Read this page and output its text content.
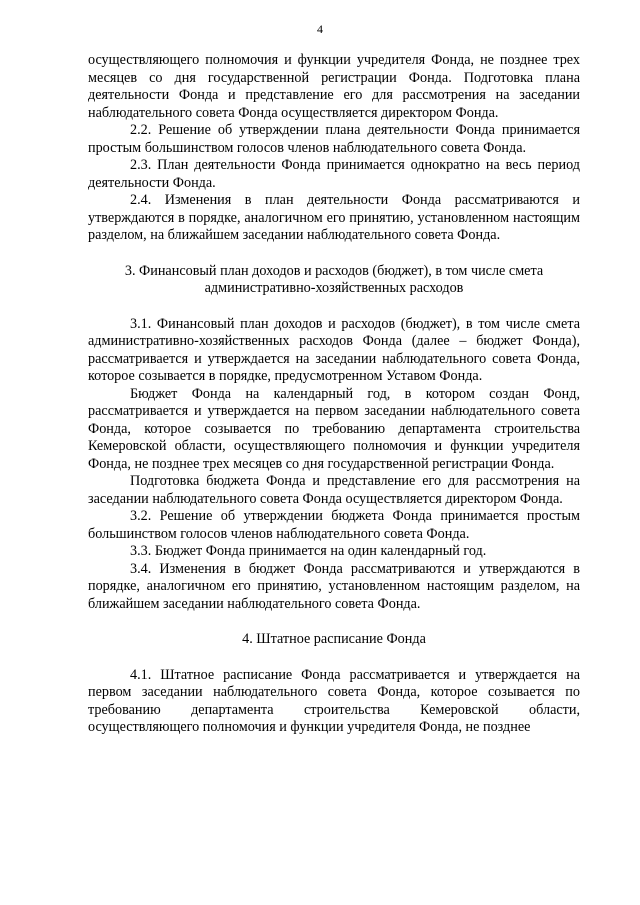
4

осуществляющего полномочия и функции учредителя Фонда, не позднее трех месяцев со дня государственной регистрации Фонда. Подготовка плана деятельности Фонда и представление его для рассмотрения на заседании наблюдательного совета Фонда осуществляется директором Фонда.

2.2. Решение об утверждении плана деятельности Фонда принимается простым большинством голосов членов наблюдательного совета Фонда.

2.3. План деятельности Фонда принимается однократно на весь период деятельности Фонда.

2.4. Изменения в план деятельности Фонда рассматриваются и утверждаются в порядке, аналогичном его принятию, установленном настоящим разделом, на ближайшем заседании наблюдательного совета Фонда.

3. Финансовый план доходов и расходов (бюджет), в том числе смета
административно-хозяйственных расходов

3.1. Финансовый план доходов и расходов (бюджет), в том числе смета административно-хозяйственных расходов Фонда (далее – бюджет Фонда), рассматривается и утверждается на заседании наблюдательного совета Фонда, которое созывается в порядке, предусмотренном Уставом Фонда.

Бюджет Фонда на календарный год, в котором создан Фонд, рассматривается и утверждается на первом заседании наблюдательного совета Фонда, которое созывается по требованию департамента строительства Кемеровской области, осуществляющего полномочия и функции учредителя Фонда, не позднее трех месяцев со дня государственной регистрации Фонда.

Подготовка бюджета Фонда и представление его для рассмотрения на заседании наблюдательного совета Фонда осуществляется директором Фонда.

3.2. Решение об утверждении бюджета Фонда принимается простым большинством голосов членов наблюдательного совета Фонда.

3.3. Бюджет Фонда принимается на один календарный год.

3.4. Изменения в бюджет Фонда рассматриваются и утверждаются в порядке, аналогичном его принятию, установленном настоящим разделом, на ближайшем заседании наблюдательного совета Фонда.

4. Штатное расписание Фонда

4.1. Штатное расписание Фонда рассматривается и утверждается на первом заседании наблюдательного совета Фонда, которое созывается по требованию департамента строительства Кемеровской области, осуществляющего полномочия и функции учредителя Фонда, не позднее
